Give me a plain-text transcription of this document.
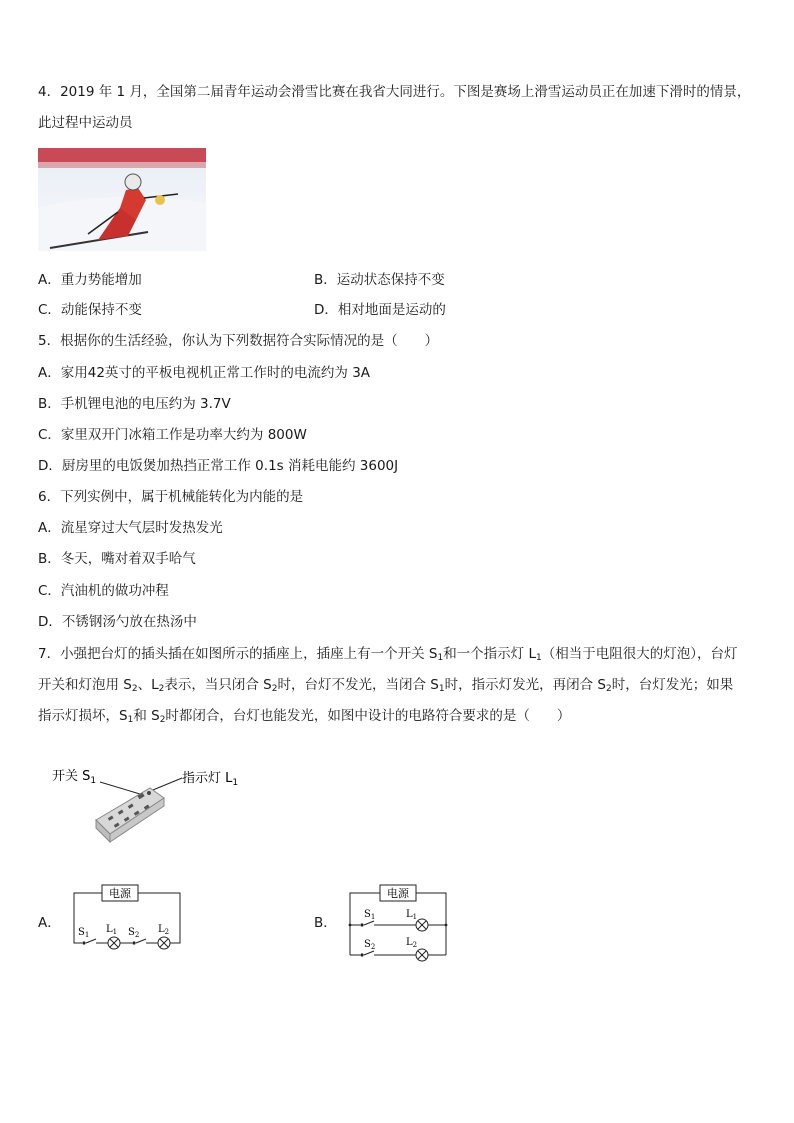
4．2019 年 1 月，全国第二届青年运动会滑雪比赛在我省大同进行。下图是赛场上滑雪运动员正在加速下滑时的情景，
此过程中运动员
A．重力势能增加	B．运动状态保持不变
C．动能保持不变	D．相对地面是运动的
5．根据你的生活经验，你认为下列数据符合实际情况的是（　　）
A．家用42英寸的平板电视机正常工作时的电流约为 3A
B．手机锂电池的电压约为 3.7V
C．家里双开门冰箱工作是功率大约为 800W
D．厨房里的电饭煲加热挡正常工作 0.1s 消耗电能约 3600J
6．下列实例中，属于机械能转化为内能的是
A．流星穿过大气层时发热发光
B．冬天，嘴对着双手哈气
C．汽油机的做功冲程
D．不锈钢汤勺放在热汤中
7．小强把台灯的插头插在如图所示的插座上，插座上有一个开关 $S_1$和一个指示灯 $L_1$（相当于电阻很大的灯泡），台灯
开关和灯泡用 $S_2$、$L_2$表示，当只闭合 $S_2$时，台灯不发光，当闭合 $S_1$时，指示灯发光，再闭合 $S_2$时，台灯发光；如果
指示灯损坏，$S_1$和 $S_2$时都闭合，台灯也能发光，如图中设计的电路符合要求的是（　　）
开关 $S_1$	指示灯 $L_1$
A．
电源
$S_1$ $L_1$ $S_2$ $L_2$
B．
电源
$S_1$	$L_1$
$S_2$	$L_2$
